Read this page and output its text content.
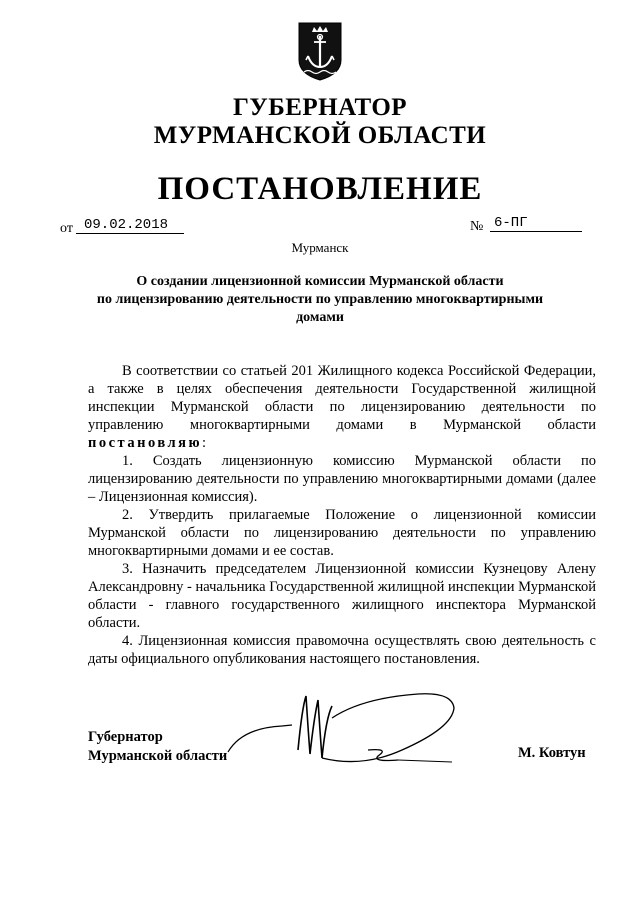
ГУБЕРНАТОР
МУРМАНСКОЙ ОБЛАСТИ
ПОСТАНОВЛЕНИЕ
от 09.02.2018	№ 6-ПГ
Мурманск
О создании лицензионной комиссии Мурманской области
по лицензированию деятельности по управлению многоквартирными
домами

В соответствии со статьей 201 Жилищного кодекса Российской Федерации, а также в целях обеспечения деятельности Государственной жилищной инспекции Мурманской области по лицензированию деятельности по управлению многоквартирными домами в Мурманской области постановляю:

1. Создать лицензионную комиссию Мурманской области по лицензированию деятельности по управлению многоквартирными домами (далее – Лицензионная комиссия).

2. Утвердить прилагаемые Положение о лицензионной комиссии Мурманской области по лицензированию деятельности по управлению многоквартирными домами и ее состав.

3. Назначить председателем Лицензионной комиссии Кузнецову Алену Александровну - начальника Государственной жилищной инспекции Мурманской области - главного государственного жилищного инспектора Мурманской области.

4. Лицензионная комиссия правомочна осуществлять свою деятельность с даты официального опубликования настоящего постановления.

Губернатор
Мурманской области	М. Ковтун
